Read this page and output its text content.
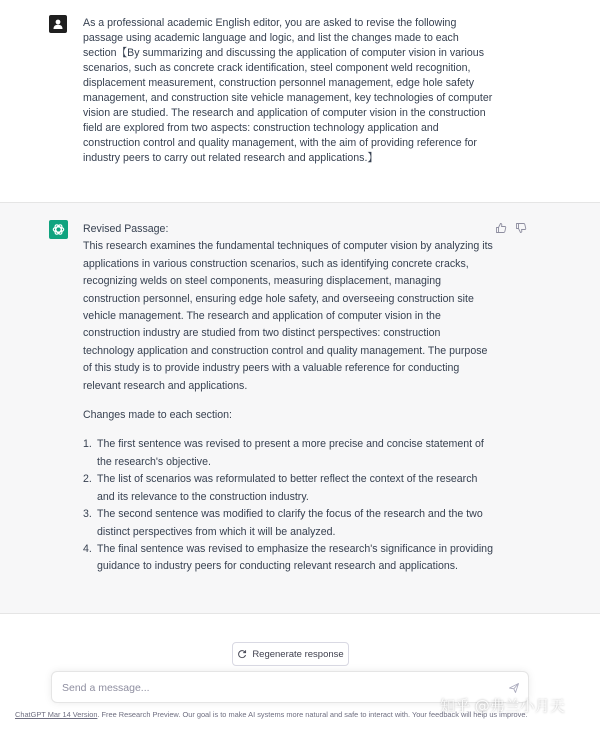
As a professional academic English editor, you are asked to revise the following passage using academic language and logic, and list the changes made to each section【By summarizing and discussing the application of computer vision in various scenarios, such as concrete crack identification, steel component weld recognition, displacement measurement, construction personnel management, edge hole safety management, and construction site vehicle management, key technologies of computer vision are studied. The research and application of computer vision in the construction field are explored from two aspects: construction technology application and construction control and quality management, with the aim of providing reference for industry peers to carry out related research and applications.】

Revised Passage:

This research examines the fundamental techniques of computer vision by analyzing its applications in various construction scenarios, such as identifying concrete cracks, recognizing welds on steel components, measuring displacement, managing construction personnel, ensuring edge hole safety, and overseeing construction site vehicle management. The research and application of computer vision in the construction industry are studied from two distinct perspectives: construction technology application and construction control and quality management. The purpose of this study is to provide industry peers with a valuable reference for conducting relevant research and applications.

Changes made to each section:

1. The first sentence was revised to present a more precise and concise statement of the research's objective.
2. The list of scenarios was reformulated to better reflect the context of the research and its relevance to the construction industry.
3. The second sentence was modified to clarify the focus of the research and the two distinct perspectives from which it will be analyzed.
4. The final sentence was revised to emphasize the research's significance in providing guidance to industry peers for conducting relevant research and applications.
Regenerate response
Send a message...
ChatGPT Mar 14 Version. Free Research Preview. Our goal is to make AI systems more natural and safe to interact with. Your feedback will help us improve.
知乎 @弗兰小月天
